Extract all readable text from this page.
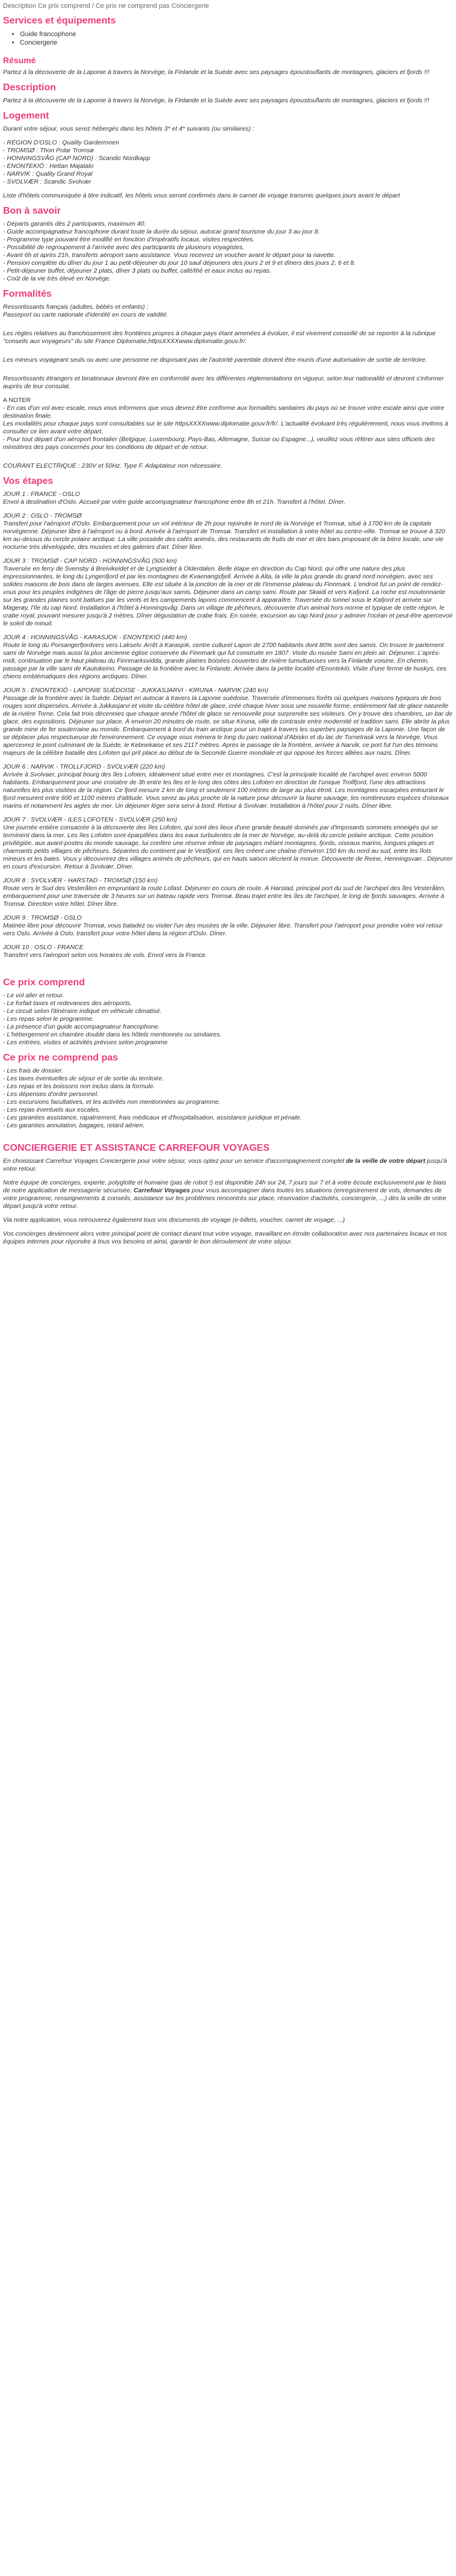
Description Ce prix comprend / Ce prix ne comprend pas Conciergerie
Services et équipements
• Guide francophone
• Conciergerie
Résumé

Partez à la découverte de la Laponie à travers la Norvège, la Finlande et la Suède avec ses paysages époustouflants de montagnes, glaciers et fjords !!!

Description

Partez à la découverte de la Laponie à travers la Norvège, la Finlande et la Suède avec ses paysages époustouflants de montagnes, glaciers et fjords !!!

Logement

Durant votre séjour, vous serez hébergés dans les hôtels 3* et 4* suivants (ou similaires) :

- RÉGION D'OSLO : Quality Gardermoen

- TROMSØ : Thon Polar Tromsø

- HONNINGSVÅG (CAP NORD) : Scandic Nordkapp

- ENONTEKIÖ : Hettan Majatalo

- NARVIK : Quality Grand Royal

- SVOLVÆR : Scandic Svolvær

Liste d'hôtels communiquée à titre indicatif, les hôtels vous seront confirmés dans le carnet de voyage transmis quelques jours avant le départ

Bon à savoir

- Départs garantis dès 2 participants, maximum 40.

- Guide accompagnateur francophone durant toute la durée du séjour, autocar grand tourisme du jour 3 au jour 8.

- Programme type pouvant être modifié en fonction d'impératifs locaux, visites respectées.

- Possibilité de regroupement à l'arrivée avec des participants de plusieurs voyagistes.

- Avant 6h et après 21h, transferts aéroport sans assistance. Vous recevrez un voucher avant le départ pour la navette.

- Pension complète du dîner du jour 1 au petit-déjeuner du jour 10 sauf déjeuners des jours 2 et 9 et dîners des jours 2, 6 et 8.

- Petit-déjeuner buffet, déjeuner 2 plats, dîner 3 plats ou buffet, café/thé et eaux inclus au repas.

- Coût de la vie très élevé en Norvège.

Formalités

Ressortissants français (adultes, bébés et enfants) :

Passeport ou carte nationale d'identité en cours de validité.

Les règles relatives au franchissement des frontières propres à chaque pays étant amenées à évoluer, il est vivement conseillé de se reporter à la rubrique "conseils aux voyageurs" du site France Diplomatie,httpsXXXXwww.diplomatie.gouv.fr/.

Les mineurs voyageant seuls ou avec une personne ne disposant pas de l'autorité parentale doivent être munis d'une autorisation de sortie de territoire.

Ressortissants étrangers et binationaux devront être en conformité avec les différentes réglementations en vigueur, selon leur nationalité et devront s'informer auprès de leur consulat.

A NOTER

- En cas d'un vol avec escale, nous vous informons que vous devrez être conforme aux formalités sanitaires du pays où se trouve votre escale ainsi que votre destination finale.

Les modalités pour chaque pays sont consultables sur le site httpsXXXXwww.diplomatie.gouv.fr/fr/. L'actualité évoluant très régulièrement, nous vous invitons à consulter ce lien avant votre départ.

- Pour tout départ d'un aéroport frontalier (Belgique, Luxembourg, Pays-Bas, Allemagne, Suisse ou Espagne...), veuillez vous référer aux sites officiels des ministères des pays concernés pour les conditions de départ et de retour.

COURANT ELECTRIQUE : 230V et 50Hz. Type F. Adaptateur non nécessaire.

Vos étapes

JOUR 1 : FRANCE - OSLO

Envol à destination d'Oslo. Accueil par votre guide accompagnateur francophone entre 8h et 21h. Transfert à l'hôtel. Dîner.

JOUR 2 : OSLO - TROMSØ

Transfert pour l'aéroport d'Oslo. Embarquement pour un vol intérieur de 2h pour rejoindre le nord de la Norvège et Tromsø, situé à 1700 km de la capitale norvégienne. Déjeuner libre à l'aéroport ou à bord. Arrivée à l'aéroport de Tromsø. Transfert et installation à votre hôtel au centre-ville. Tromsø se trouve à 320 km au-dessus du cercle polaire arctique. La ville possède des cafés animés, des restaurants de fruits de mer et des bars proposant de la bière locale, une vie nocturne très développée, des musées et des galeries d'art. Dîner libre.

JOUR 3 : TROMSØ - CAP NORD - HONNINGSVÅG (500 km)

Traversée en ferry de Svensby à Breivikeidet et de Lyngseidet à Olderdalen. Belle étape en direction du Cap Nord, qui offre une nature des plus impressionnantes, le long du Lyngenfjord et par les montagnes de Kvaenangsfjell. Arrivée à Alta, la ville la plus grande du grand nord norvégien, avec ses solides maisons de bois dans de larges avenues. Elle est située à la jonction de la mer et de l'immense plateau du Finnmark. L'endroit fut un point de rendez-vous pour les peuples indigènes de l'âge de pierre jusqu'aux samis. Déjeuner dans un camp sami. Route par Skaidi et vers Kafjord. La roche est moutonnante sur les grandes plaines sont battues par les vents et les campements lapons commencent à apparaître. Traversée du tunnel sous le Kafjord et arrivée sur Magerøy, l'île du cap Nord. Installation à l'hôtel à Honningsvåg. Dans un village de pêcheurs, découverte d'un animal hors-norme et typique de cette région, le crabe royal, pouvant mesurer jusqu'à 2 mètres. Dîner dégustation de crabe frais. En soirée, excursion au cap Nord pour y admirer l'océan et peut-être apercevoir le soleil de minuit.

JOUR 4 : HONNINGSVÅG - KARASJOK - ENONTEKIÖ (440 km)

Route le long du Porsangerfjordvers vers Lakselv. Arrêt à Karasjok, centre culturel Lapon de 2700 habitants dont 80% sont des samis. On trouve le parlement sami de Norvège mais aussi la plus ancienne église conservée du Finnmark qui fut construite en 1807. Visite du musée Sami en plein air. Déjeuner. L'après-midi, continuation par le haut plateau du Finnmarksvidda, grande plaines boisées couvertes de rivière tumultueuses vers la Finlande voisine. En chemin, passage par la ville sami de Kautokeino. Passage de la frontière avec la Finlande. Arrivée dans la petite localité d'Enontekiö. Visite d'une ferme de huskys, ces chiens emblématiques des régions arctiques. Dîner.

JOUR 5 : ENONTEKIÖ - LAPONIE SUÉDOISE - JUKKASJARVI - KIRUNA - NARVIK (240 km)

Passage de la frontière avec la Suède. Départ en autocar à travers la Laponie suédoise. Traversée d'immenses forêts où quelques maisons typiques de bois rouges sont dispersées. Arrivée à Jukkasjarvi et visite du célèbre hôtel de glace, créé chaque hiver sous une nouvelle forme, entièrement fait de glace naturelle de la rivière Torne. Cela fait trois décennies que chaque année l'hôtel de glace se renouvelle pour surprendre ses visiteurs. On y trouve des chambres, un bar de glace, des expositions. Déjeuner sur place. À environ 20 minutes de route, se situe Kiruna, ville de contraste entre modernité et tradition sami. Elle abrite la plus grande mine de fer souterraine au monde. Embarquement à bord du train arctique pour un trajet à travers les superbes paysages de la Laponie. Une façon de se déplacer plus respectueuse de l'environnement. Ce voyage vous mènera le long du parc national d'Abisko et du lac de Tornetrask vers la Norvège. Vous apercevrez le point culminant de la Suède, le Kebnekaise et ses 2117 mètres. Après le passage de la frontière, arrivée à Narvik, ce port fut l'un des témoins majeurs de la célèbre bataille des Lofoten qui prit place au début de la Seconde Guerre mondiale et qui oppose les forces alliées aux nazis. Dîner.

JOUR 6 : NARVIK - TROLLFJORD - SVOLVÆR (220 km)

Arrivée à Svolvaer, principal bourg des îles Lofoten, idéalement situé entre mer et montagnes. C'est la principale localité de l'archipel avec environ 5000 habitants. Embarquement pour une croisière de 3h entre les îles et le long des côtes des Lofoten en direction de l'unique Trollfjord, l'une des attractions naturelles les plus visitées de la région. Ce fjord mesure 2 km de long et seulement 100 mètres de large au plus étroit. Les montagnes escarpées entourant le fjord mesurent entre 600 et 1100 mètres d'altitude. Vous serez au plus proche de la nature pour découvrir la faune sauvage, les nombreuses espèces d'oiseaux marins et notamment les aigles de mer. Un déjeuner léger sera servi à bord. Retour à Svolvær. Installation à l'hôtel pour 2 nuits. Dîner libre.

JOUR 7 : SVOLVÆR - ILES LOFOTEN - SVOLVÆR (250 km)

Une journée entière consacrée à la découverte des îles Lofoten, qui sont des lieux d'une grande beauté dominés par d'imposants sommets enneigés qui se terminent dans la mer. Les îles Lofoten sont éparpillées dans les eaux turbulentes de la mer de Norvège, au-delà du cercle polaire arctique. Cette position privilégiée, aux avant-postes du monde sauvage, lui confère une réserve infinie de paysages mêlant montagnes, fjords, oiseaux marins, longues plages et charmants petits villages de pêcheurs. Séparées du continent par le Vestfjord, ces îles créent une chaîne d'environ 150 km du nord au sud, entre les îlots mineurs et les baies. Vous y découvrirez des villages animés de pêcheurs, qui en hauts saison décrient la morue. Découverte de Reine, Henningsvær...Déjeuner en cours d'excursion. Retour à Svolvær. Dîner.

JOUR 8 : SVOLVÆR - HARSTAD - TROMSØ (150 km)

Route vers le Sud des Vesterålen en empruntant la route Lofast. Déjeuner en cours de route. À Harstad, principal port du sud de l'archipel des îles Vesterålen, embarquement pour une traversée de 3 heures sur un bateau rapide vers Tromsø. Beau trajet entre les îles de l'archipel, le long de fjords sauvages. Arrivée à Tromsø. Direction votre hôtel. Dîner libre.

JOUR 9 : TROMSØ - OSLO

Matinée libre pour découvrir Tromsø, vous baladez ou visiter l'un des musées de la ville. Déjeuner libre. Transfert pour l'aéroport pour prendre votre vol retour vers Oslo. Arrivée à Oslo, transfert pour votre hôtel dans la région d'Oslo. Dîner.

JOUR 10 : OSLO - FRANCE

Transfert vers l'aéroport selon vos horaires de vols. Envol vers la France.

Ce prix comprend

- Le vol aller et retour.

- Le forfait taxes et redevances des aéroports.

- Le circuit selon l'itinéraire indiqué en véhicule climatisé.

- Les repas selon le programme.

- La présence d'un guide accompagnateur francophone.

- L'hébergement en chambre double dans les hôtels mentionnés ou similaires.

- Les entrées, visites et activités prévues selon programme

Ce prix ne comprend pas

- Les frais de dossier.

- Les taxes éventuelles de séjour et de sortie du territoire.

- Les repas et les boissons non inclus dans la formule.

- Les dépenses d'ordre personnel.

- Les excursions facultatives, et les activités non mentionnées au programme.

- Les repas éventuels aux escales.

- Les garanties assistance, rapatriement, frais médicaux et d'hospitalisation, assistance juridique et pénale.

- Les garanties annulation, bagages, retard aérien.

CONCIERGERIE ET ASSISTANCE CARREFOUR VOYAGES

En choisissant Carrefour Voyages Conciergerie pour votre séjour, vous optez pour un service d'accompagnement complet de la veille de votre départ jusqu'à votre retour.

Notre équipe de concierges, experte, polyglotte et humaine (pas de robot !) est disponible 24h sur 24, 7 jours sur 7 et à votre écoute exclusivement par le biais de notre application de messagerie sécurisée, Carrefour Voyages pour vous accompagner dans toutes les situations (enregistrement de vols, demandes de votre programme, renseignements & conseils, assistance sur les problèmes rencontrés sur place, réservation d'activités, conciergerie, ...) dès la veille de votre départ jusqu'à votre retour.

Via notre application, vous retrouverez également tous vos documents de voyage (e-billets, voucher, carnet de voyage, ...)

Vos concierges deviennent alors votre principal point de contact durant tout votre voyage, travaillant en étroite collaboration avec nos partenaires locaux et nos équipes internes pour répondre à tous vos besoins et ainsi, garantir le bon déroulement de votre séjour.
